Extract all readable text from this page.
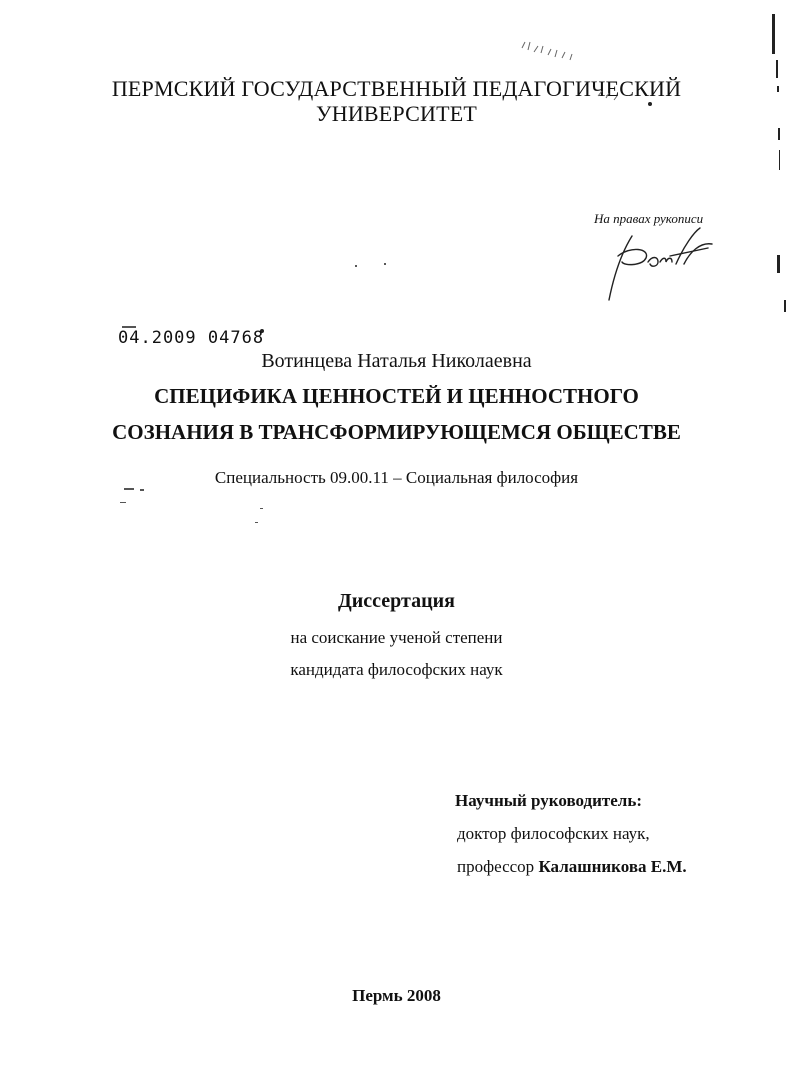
ПЕРМСКИЙ ГОСУДАРСТВЕННЫЙ ПЕДАГОГИЧЕСКИЙ

УНИВЕРСИТЕТ

На правах рукописи

04.2009 04768

Вотинцева Наталья Николаевна

СПЕЦИФИКА ЦЕННОСТЕЙ И ЦЕННОСТНОГО

СОЗНАНИЯ В ТРАНСФОРМИРУЮЩЕМСЯ ОБЩЕСТВЕ

Специальность 09.00.11 – Социальная философия

Диссертация

на соискание ученой степени

кандидата философских наук

Научный руководитель:

доктор философских наук,

профессор Калашникова Е.М.

Пермь 2008
